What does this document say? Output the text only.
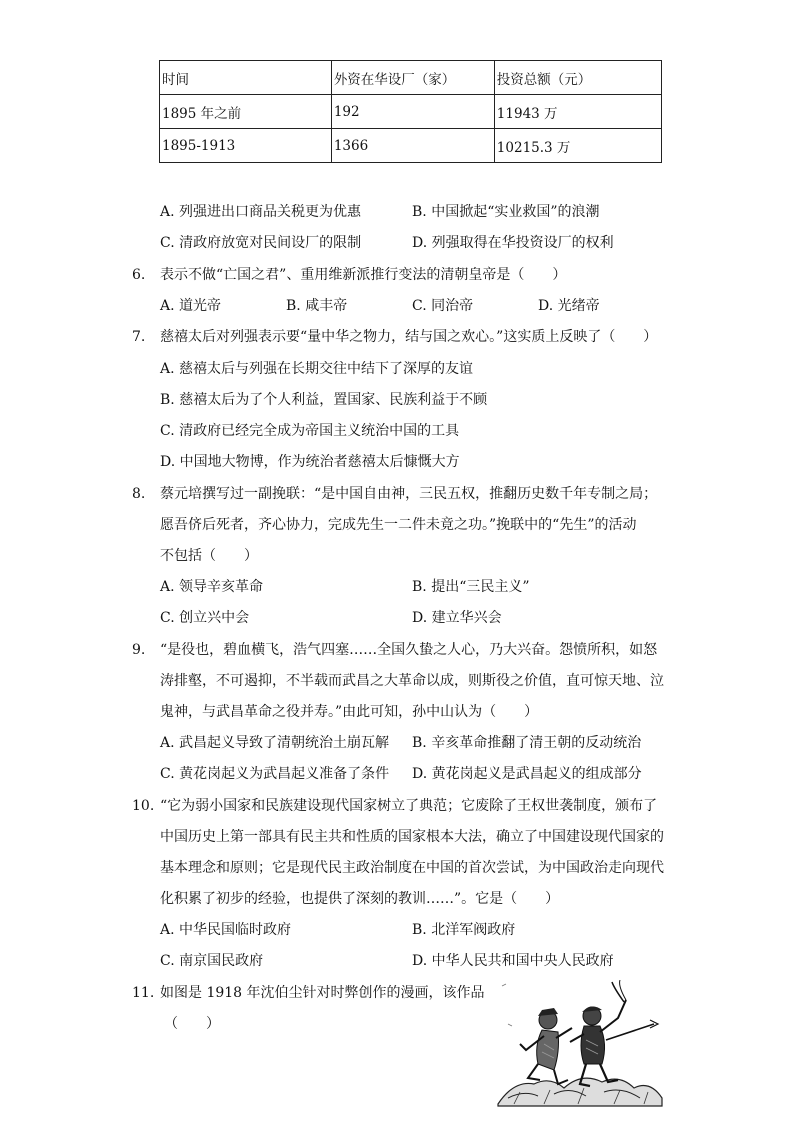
时间	外资在华设厂（家）	投资总额（元）
1895 年之前	192	11943 万
1895-1913	1366	10215.3 万
A. 列强进出口商品关税更为优惠	B. 中国掀起“实业救国”的浪潮
C. 清政府放宽对民间设厂的限制	D. 列强取得在华投资设厂的权利
6. 表示不做“亡国之君”、重用维新派推行变法的清朝皇帝是（　　）
A. 道光帝	B. 咸丰帝	C. 同治帝	D. 光绪帝
7. 慈禧太后对列强表示要“量中华之物力，结与国之欢心。”这实质上反映了（　　）
A. 慈禧太后与列强在长期交往中结下了深厚的友谊
B. 慈禧太后为了个人利益，置国家、民族利益于不顾
C. 清政府已经完全成为帝国主义统治中国的工具
D. 中国地大物博，作为统治者慈禧太后慷慨大方
8. 蔡元培撰写过一副挽联：“是中国自由神，三民五权，推翻历史数千年专制之局；
愿吾侪后死者，齐心协力，完成先生一二件未竟之功。”挽联中的“先生”的活动
不包括（　　）
A. 领导辛亥革命	B. 提出“三民主义”
C. 创立兴中会	D. 建立华兴会
9. “是役也，碧血横飞，浩气四塞……全国久蛰之人心，乃大兴奋。怨愤所积，如怒
涛排壑，不可遏抑，不半载而武昌之大革命以成，则斯役之价值，直可惊天地、泣
鬼神，与武昌革命之役并寿。”由此可知，孙中山认为（　　）
A. 武昌起义导致了清朝统治土崩瓦解 B. 辛亥革命推翻了清王朝的反动统治
C. 黄花岗起义为武昌起义准备了条件 D. 黄花岗起义是武昌起义的组成部分
10. “它为弱小国家和民族建设现代国家树立了典范；它废除了王权世袭制度，颁布了
中国历史上第一部具有民主共和性质的国家根本大法，确立了中国建设现代国家的
基本理念和原则；它是现代民主政治制度在中国的首次尝试，为中国政治走向现代
化积累了初步的经验，也提供了深刻的教训……”。它是（　　）
A. 中华民国临时政府	B. 北洋军阀政府
C. 南京国民政府	D. 中华人民共和国中央人民政府
11. 如图是 1918 年沈伯尘针对时弊创作的漫画，该作品
（　　）
